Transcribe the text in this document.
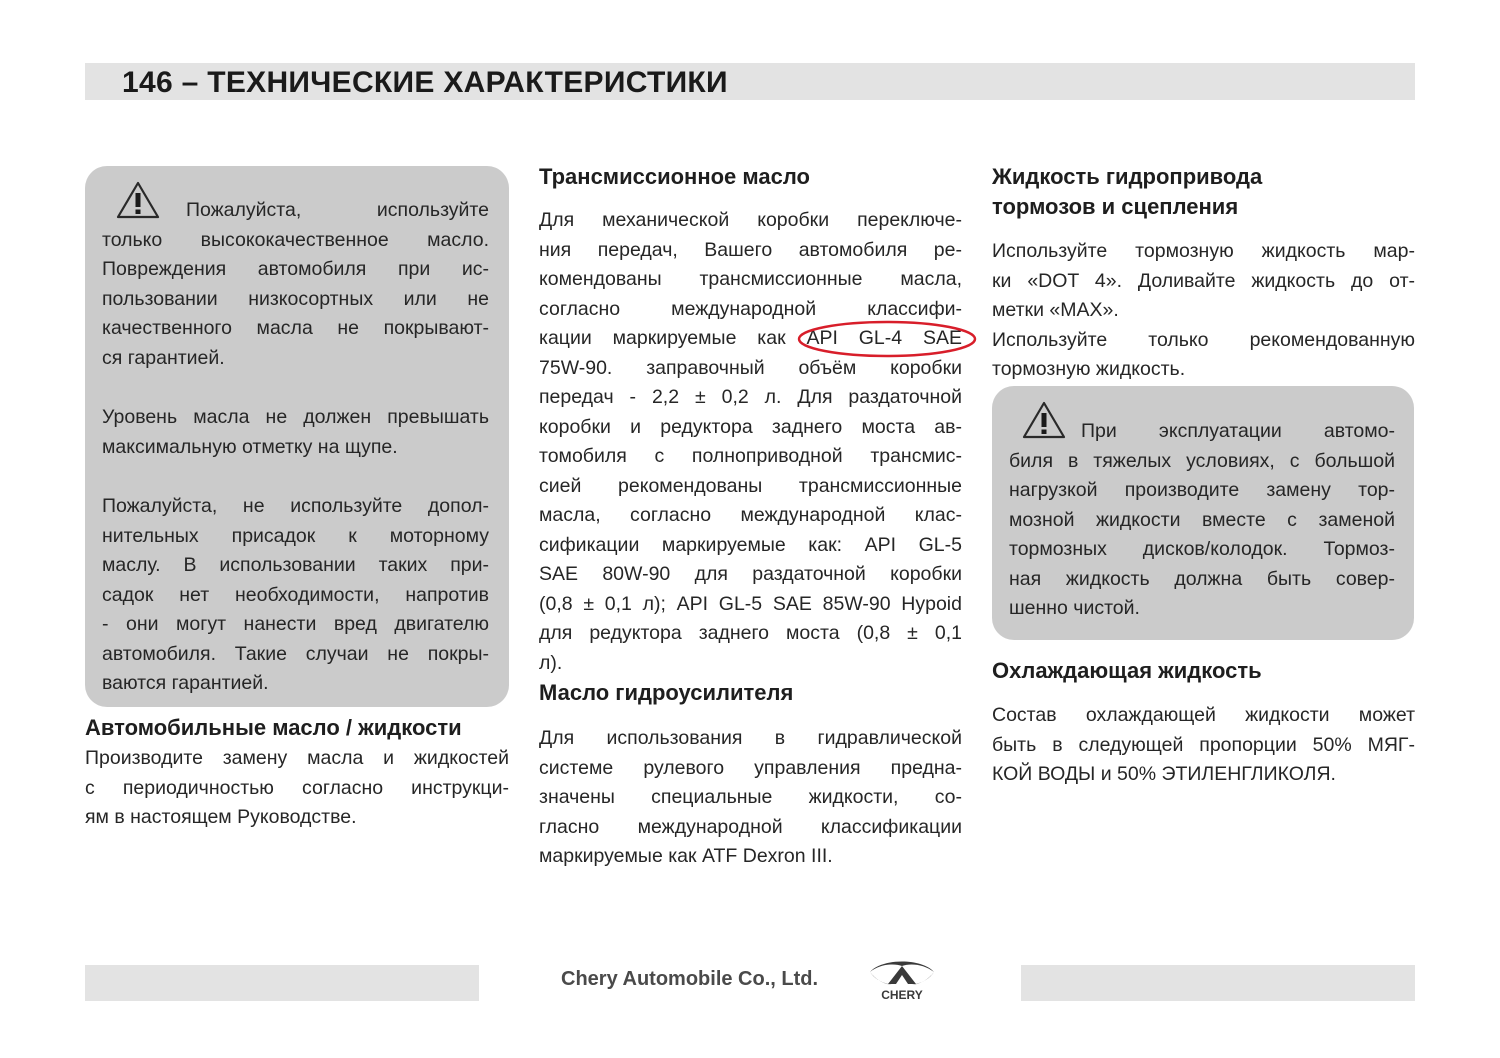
146 – ТЕХНИЧЕСКИЕ ХАРАКТЕРИСТИКИ
Пожалуйста, используйте
только высококачественное масло.
Повреждения автомобиля при ис-
пользовании низкосортных или не
качественного масла не покрывают-
ся гарантией.
Уровень масла не должен превышать
максимальную отметку на щупе.
Пожалуйста, не используйте допол-
нительных присадок к моторному
маслу. В использовании таких при-
садок нет необходимости, напротив
- они могут нанести вред двигателю
автомобиля. Такие случаи не покры-
ваются гарантией.
Автомобильные масло / жидкости
Производите замену масла и жидкостей
с периодичностью согласно инструкци-
ям в настоящем Руководстве.
Трансмиссионное масло
Для механической коробки переключе-
ния передач, Вашего автомобиля ре-
комендованы трансмиссионные масла,
согласно международной классифи-
кации маркируемые как API GL-4 SAE
75W-90. заправочный объём коробки
передач - 2,2 ± 0,2 л. Для раздаточной
коробки и редуктора заднего моста ав-
томобиля с полноприводной трансмис-
сией рекомендованы трансмиссионные
масла, согласно международной клас-
сификации маркируемые как: API GL-5
SAE 80W-90 для раздаточной коробки
(0,8 ± 0,1 л); API GL-5 SAE 85W-90 Hypoid
для редуктора заднего моста (0,8 ± 0,1
л).
Масло гидроусилителя
Для использования в гидравлической
системе рулевого управления предна-
значены специальные жидкости, со-
гласно международной классификации
маркируемые как ATF Dexron III.
Жидкость гидропривода
тормозов и сцепления
Используйте тормозную жидкость мар-
ки «DOT 4». Доливайте жидкость до от-
метки «MAX».
Используйте только рекомендованную
тормозную жидкость.
При эксплуатации автомо-
биля в тяжелых условиях, с большой
нагрузкой производите замену тор-
мозной жидкости вместе с заменой
тормозных дисков/колодок. Тормоз-
ная жидкость должна быть совер-
шенно чистой.
Охлаждающая жидкость
Состав охлаждающей жидкости может
быть в следующей пропорции 50% МЯГ-
КОЙ ВОДЫ и 50% ЭТИЛЕНГЛИКОЛЯ.
Chery Automobile Co., Ltd.
CHERY
